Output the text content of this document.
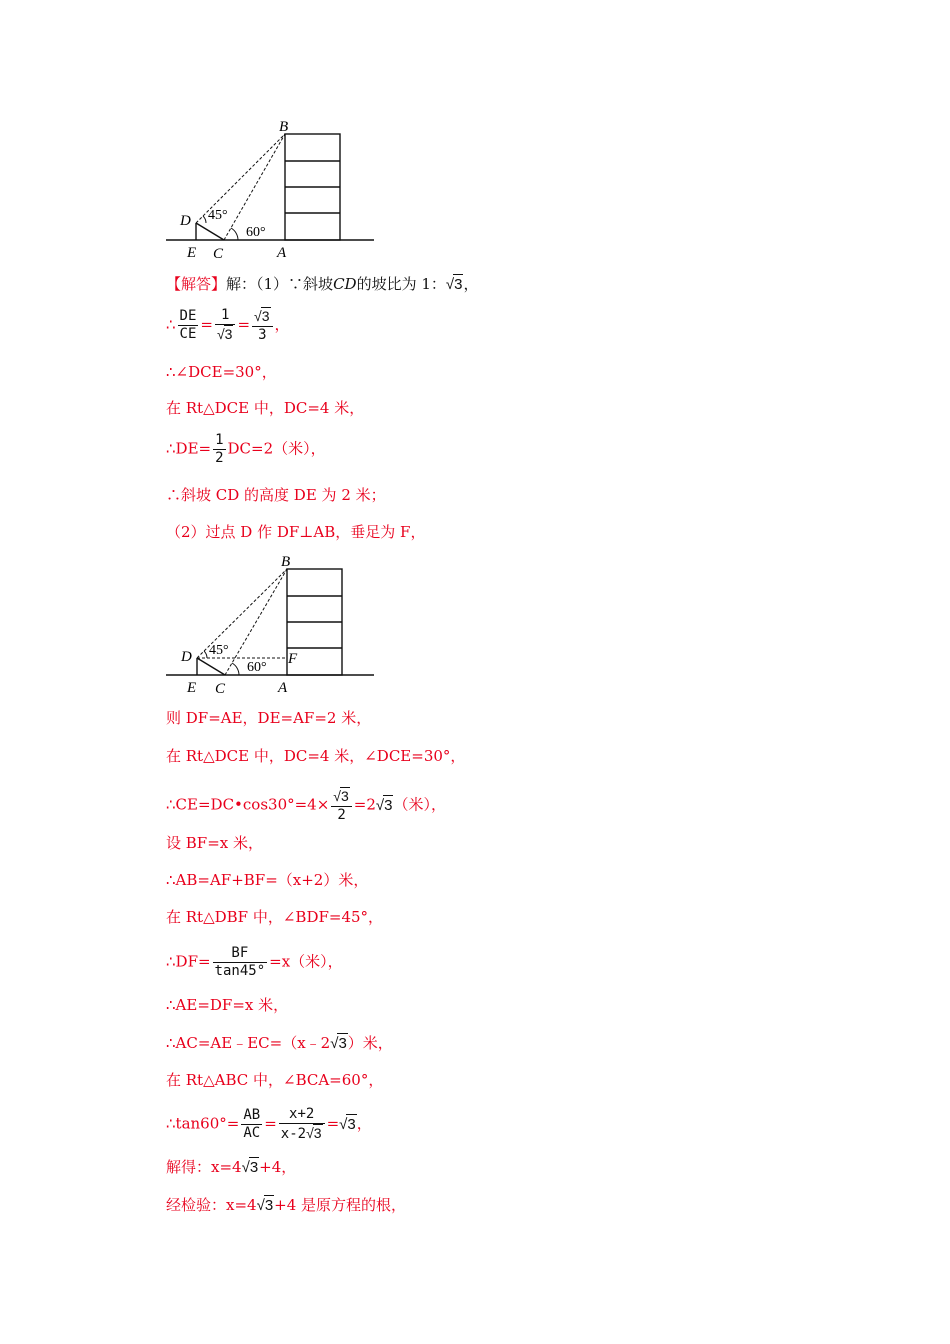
B
D
E C	A
45°
60°
【解答】解：（1）∵斜坡CD的坡比为 1：√3，
∴ $\frac{DE}{CE} = \frac{1}{√3} = \frac{√3}{3}$ ，
∴∠DCE=30°，
在 Rt△DCE 中，DC=4 米，
∴DE= $\frac{1}{2} DC=2$（米），
∴斜坡 CD 的高度 DE 为 2 米；
（2）过点 D 作 DF⊥AB，垂足为 F，
B
D
E C	A
F
45°
60°
则 DF=AE，DE=AF=2 米，
在 Rt△DCE 中，DC=4 米，∠DCE=30°，
∴CE=DC•cos30°=4× $\frac{√3}{2} =2√3$（米），
设 BF=x 米，
∴AB=AF+BF=（x+2）米，
在 Rt△DBF 中，∠BDF=45°，
∴DF= $\frac{BF}{\tan 45^\circ} =x$（米），
∴AE=DF=x 米，
∴AC=AE﹣EC=（x﹣2√3）米，
在 Rt△ABC 中，∠BCA=60°，
∴tan60°= $\frac{AB}{AC} = \frac{x+2}{x-2√3} =√3$，
解得：x=4√3+4，
经检验：x=4√3+4 是原方程的根，
